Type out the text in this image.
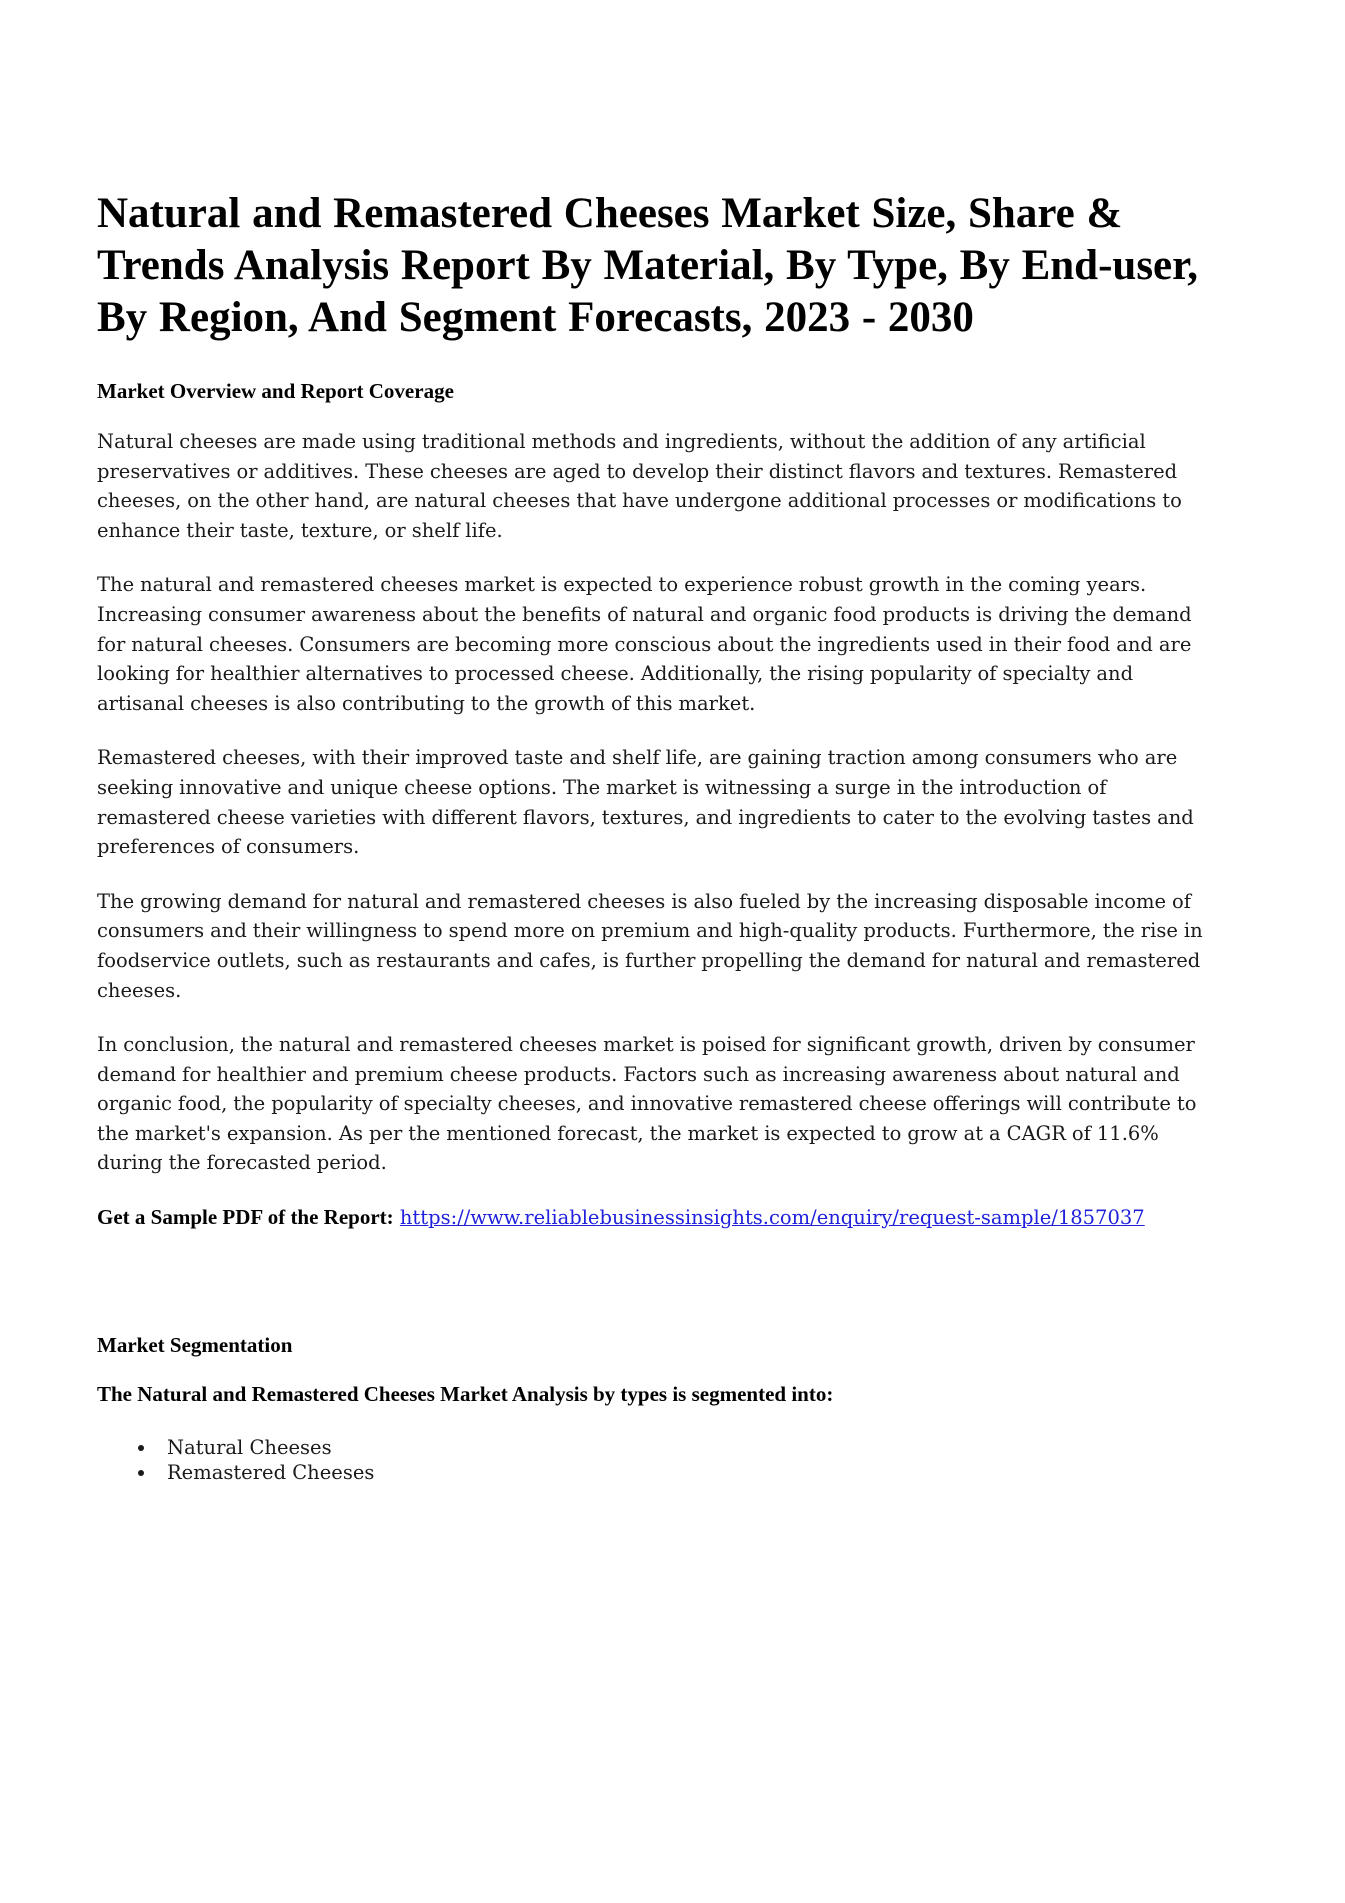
Natural and Remastered Cheeses Market Size, Share & Trends Analysis Report By Material, By Type, By End-user, By Region, And Segment Forecasts, 2023 - 2030
Market Overview and Report Coverage

Natural cheeses are made using traditional methods and ingredients, without the addition of any artificial preservatives or additives. These cheeses are aged to develop their distinct flavors and textures. Remastered cheeses, on the other hand, are natural cheeses that have undergone additional processes or modifications to enhance their taste, texture, or shelf life.

The natural and remastered cheeses market is expected to experience robust growth in the coming years. Increasing consumer awareness about the benefits of natural and organic food products is driving the demand for natural cheeses. Consumers are becoming more conscious about the ingredients used in their food and are looking for healthier alternatives to processed cheese. Additionally, the rising popularity of specialty and artisanal cheeses is also contributing to the growth of this market.

Remastered cheeses, with their improved taste and shelf life, are gaining traction among consumers who are seeking innovative and unique cheese options. The market is witnessing a surge in the introduction of remastered cheese varieties with different flavors, textures, and ingredients to cater to the evolving tastes and preferences of consumers.

The growing demand for natural and remastered cheeses is also fueled by the increasing disposable income of consumers and their willingness to spend more on premium and high-quality products. Furthermore, the rise in foodservice outlets, such as restaurants and cafes, is further propelling the demand for natural and remastered cheeses.

In conclusion, the natural and remastered cheeses market is poised for significant growth, driven by consumer demand for healthier and premium cheese products. Factors such as increasing awareness about natural and organic food, the popularity of specialty cheeses, and innovative remastered cheese offerings will contribute to the market's expansion. As per the mentioned forecast, the market is expected to grow at a CAGR of 11.6% during the forecasted period.

Get a Sample PDF of the Report: https://www.reliablebusinessinsights.com/enquiry/request-sample/1857037

Market Segmentation
The Natural and Remastered Cheeses Market Analysis by types is segmented into:
• Natural Cheeses
• Remastered Cheeses
